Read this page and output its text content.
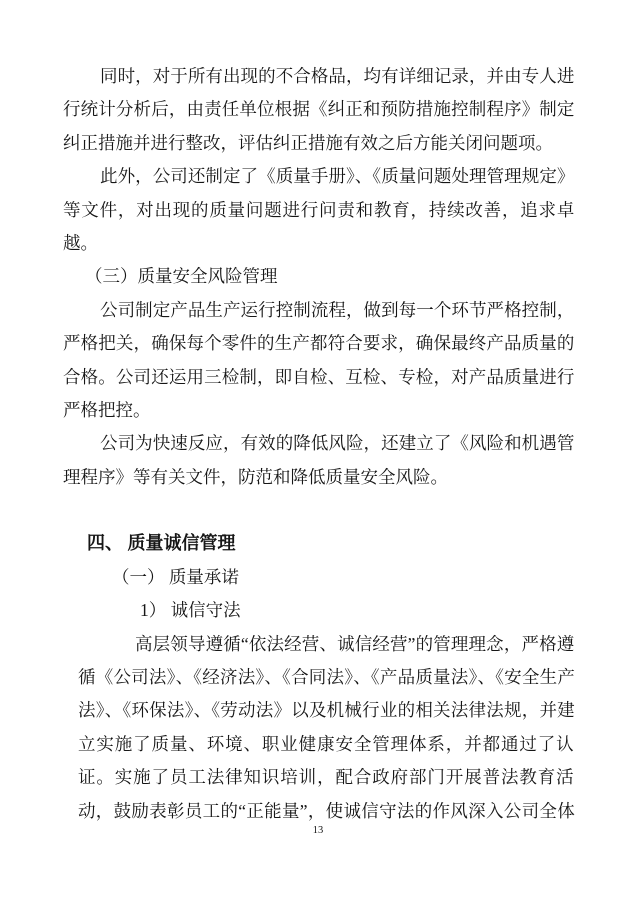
同时，对于所有出现的不合格品，均有详细记录，并由专人进
行统计分析后，由责任单位根据《纠正和预防措施控制程序》制定
纠正措施并进行整改，评估纠正措施有效之后方能关闭问题项。
此外，公司还制定了《质量手册》、《质量问题处理管理规定》
等文件，对出现的质量问题进行问责和教育，持续改善，追求卓
越。
（三）质量安全风险管理
公司制定产品生产运行控制流程，做到每一个环节严格控制，
严格把关，确保每个零件的生产都符合要求，确保最终产品质量的
合格。公司还运用三检制，即自检、互检、专检，对产品质量进行
严格把控。
公司为快速反应，有效的降低风险，还建立了《风险和机遇管
理程序》等有关文件，防范和降低质量安全风险。
四、 质量诚信管理
（一） 质量承诺
1） 诚信守法
高层领导遵循“依法经营、诚信经营”的管理理念，严格遵
循《公司法》、《经济法》、《合同法》、《产品质量法》、《安全生产
法》、《环保法》、《劳动法》以及机械行业的相关法律法规，并建
立实施了质量、环境、职业健康安全管理体系，并都通过了认
证。实施了员工法律知识培训，配合政府部门开展普法教育活
动，鼓励表彰员工的“正能量”，使诚信守法的作风深入公司全体
13
